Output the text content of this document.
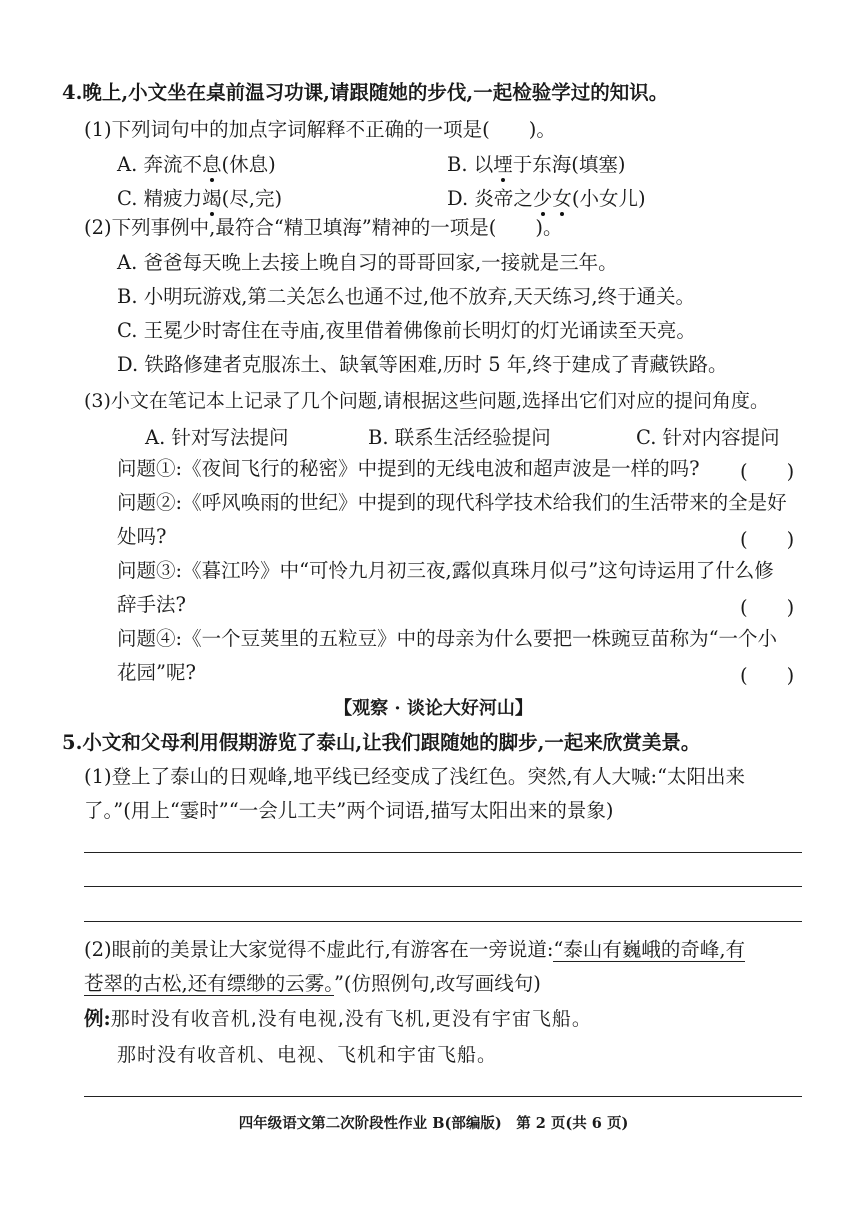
4.晚上,小文坐在桌前温习功课,请跟随她的步伐,一起检验学过的知识。
(1)下列词句中的加点字词解释不正确的一项是(　　)。
A. 奔流不息(休息)	B. 以堙于东海(填塞)
C. 精疲力竭(尽,完)	D. 炎帝之少女(小女儿)
(2)下列事例中,最符合“精卫填海”精神的一项是(　　)。
A. 爸爸每天晚上去接上晚自习的哥哥回家,一接就是三年。
B. 小明玩游戏,第二关怎么也通不过,他不放弃,天天练习,终于通关。
C. 王冕少时寄住在寺庙,夜里借着佛像前长明灯的灯光诵读至天亮。
D. 铁路修建者克服冻土、缺氧等困难,历时 5 年,终于建成了青藏铁路。
(3)小文在笔记本上记录了几个问题,请根据这些问题,选择出它们对应的提问角度。
A. 针对写法提问	B. 联系生活经验提问	C. 针对内容提问
问题①:《夜间飞行的秘密》中提到的无线电波和超声波是一样的吗? (　　)
问题②:《呼风唤雨的世纪》中提到的现代科学技术给我们的生活带来的全是好
处吗?	(　　)
问题③:《暮江吟》中“可怜九月初三夜,露似真珠月似弓”这句诗运用了什么修
辞手法?	(　　)
问题④:《一个豆荚里的五粒豆》中的母亲为什么要把一株豌豆苗称为“一个小
花园”呢?	(　　)
【观察 · 谈论大好河山】
5.小文和父母利用假期游览了泰山,让我们跟随她的脚步,一起来欣赏美景。
(1)登上了泰山的日观峰,地平线已经变成了浅红色。突然,有人大喊:“太阳出来
了。”(用上“霎时”“一会儿工夫”两个词语,描写太阳出来的景象)
(2)眼前的美景让大家觉得不虚此行,有游客在一旁说道:“泰山有巍峨的奇峰,有
苍翠的古松,还有缥缈的云雾。”(仿照例句,改写画线句)
例:那时没有收音机,没有电视,没有飞机,更没有宇宙飞船。
那时没有收音机、电视、飞机和宇宙飞船。
四年级语文第二次阶段性作业 B(部编版)　第 2 页(共 6 页)
